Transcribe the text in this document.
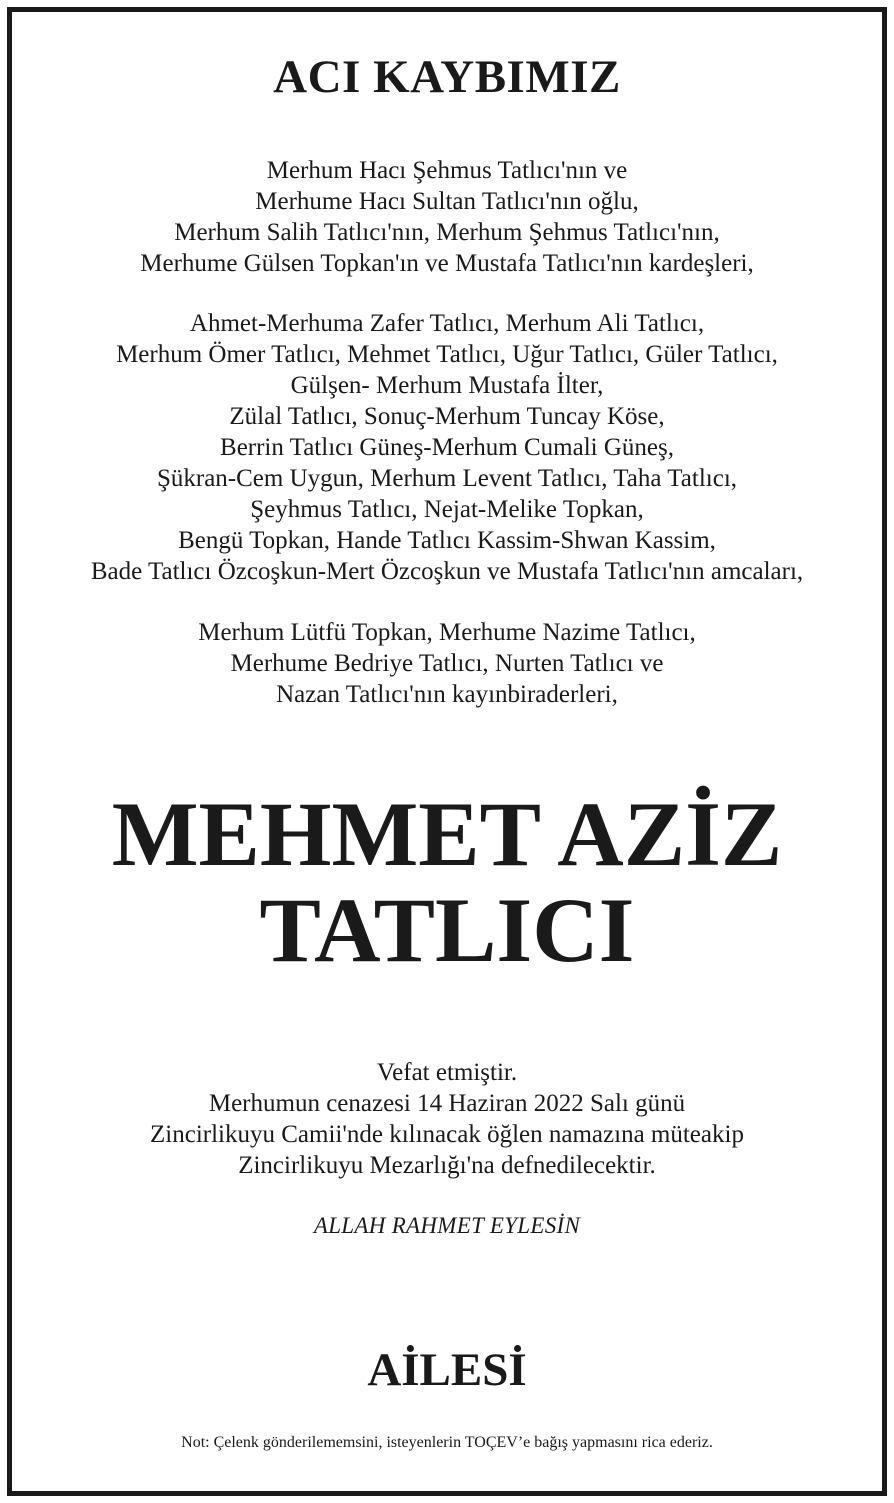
ACI KAYBIMIZ
Merhum Hacı Şehmus Tatlıcı'nın ve
Merhume Hacı Sultan Tatlıcı'nın oğlu,
Merhum Salih Tatlıcı'nın, Merhum Şehmus Tatlıcı'nın,
Merhume Gülsen Topkan'ın ve Mustafa Tatlıcı'nın kardeşleri,
Ahmet-Merhuma Zafer Tatlıcı, Merhum Ali Tatlıcı,
Merhum Ömer Tatlıcı, Mehmet Tatlıcı, Uğur Tatlıcı, Güler Tatlıcı,
Gülşen- Merhum Mustafa İlter,
Zülal Tatlıcı, Sonuç-Merhum Tuncay Köse,
Berrin Tatlıcı Güneş-Merhum Cumali Güneş,
Şükran-Cem Uygun, Merhum Levent Tatlıcı, Taha Tatlıcı,
Şeyhmus Tatlıcı, Nejat-Melike Topkan,
Bengü Topkan, Hande Tatlıcı Kassim-Shwan Kassim,
Bade Tatlıcı Özcoşkun-Mert Özcoşkun ve Mustafa Tatlıcı'nın amcaları,
Merhum Lütfü Topkan, Merhume Nazime Tatlıcı,
Merhume Bedriye Tatlıcı, Nurten Tatlıcı ve
Nazan Tatlıcı'nın kayınbiraderleri,
MEHMET AZİZ
TATLICI
Vefat etmiştir.
Merhumun cenazesi 14 Haziran 2022 Salı günü
Zincirlikuyu Camii'nde kılınacak öğlen namazına müteakip
Zincirlikuyu Mezarlığı'na defnedilecektir.
ALLAH RAHMET EYLESİN
AİLESİ
Not: Çelenk gönderilememsini, isteyenlerin TOÇEV’e bağış yapmasını rica ederiz.
